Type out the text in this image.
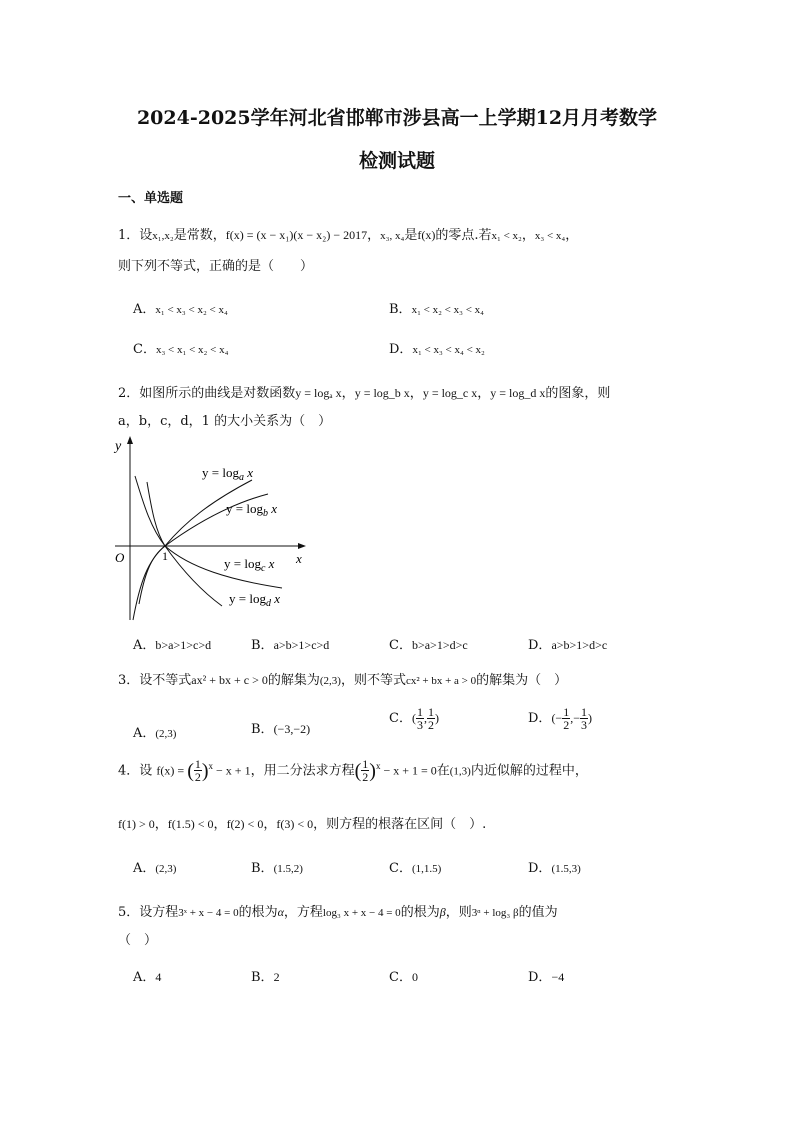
2024-2025学年河北省邯郸市涉县高一上学期12月月考数学
检测试题
一、单选题
1．设x₁,x₂是常数，f(x) = (x − x₁)(x − x₂) − 2017，x₃, x₄是f(x)的零点.若x₁ < x₂，x₃ < x₄，
则下列不等式，正确的是（　　）
A．x₁ < x₃ < x₂ < x₄	B．x₁ < x₂ < x₃ < x₄
C．x₃ < x₁ < x₂ < x₄	D．x₁ < x₃ < x₄ < x₂
2．如图所示的曲线是对数函数y = logₐ x，y = log_b x，y = log_c x，y = log_d x的图象，则
a，b，c，d，1 的大小关系为（　）
y
x
O	1
$y = \log_a x$
$y = \log_b x$
$y = \log_c x$
$y = \log_d x$
A．b>a>1>c>d	B．a>b>1>c>d	C．b>a>1>d>c	D．a>b>1>d>c
3．设不等式ax² + bx + c > 0的解集为(2,3)，则不等式cx² + bx + a > 0的解集为（　）
A．(2,3)	B．(−3,−2)
C．( $\frac{1}{3}$ , $\frac{1}{2}$ )	D．(− $\frac{1}{2}$ ,− $\frac{1}{3}$ )
4．设 f(x) = ( $\frac{1}{2} )^x - x + 1$，用二分法求方程( $\frac{1}{2} )^x - x + 1 = 0$在(1,3)内近似解的过程中，
f(1) > 0，f(1.5) < 0，f(2) < 0，f(3) < 0，则方程的根落在区间（　）.
A．(2,3)	B．(1.5,2)	C．(1,1.5)	D．(1.5,3)
5．设方程3ˣ + x − 4 = 0的根为α，方程log₃ x + x − 4 = 0的根为β，则3ᵅ + log₃ β的值为
（　）
A．4	B．2	C．0	D．−4
